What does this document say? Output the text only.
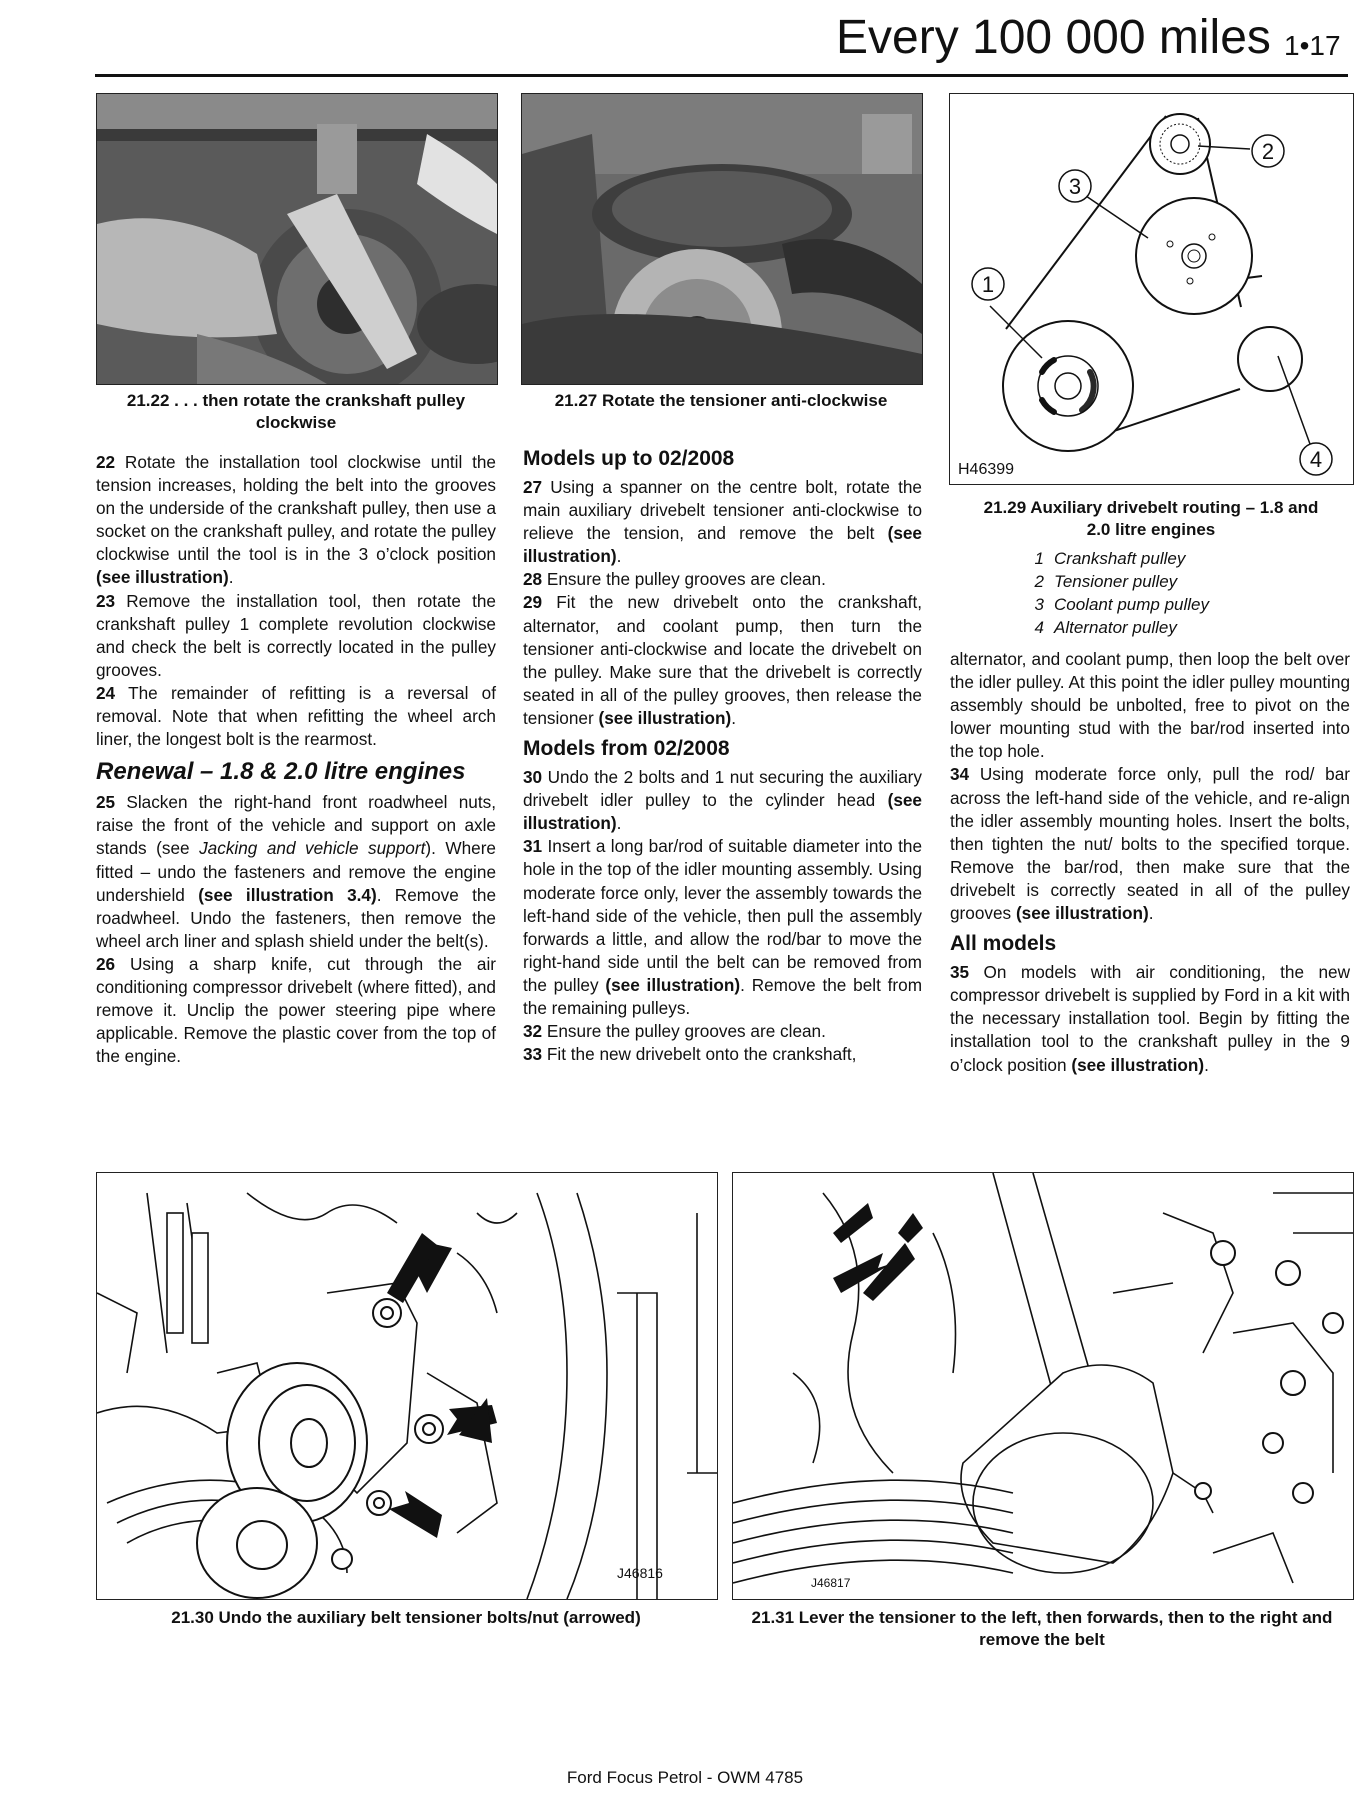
Every 100 000 miles 1•17
21.22 . . . then rotate the crankshaft pulley clockwise
21.27 Rotate the tensioner anti-clockwise
1
2
3
4
H46399
21.29 Auxiliary drivebelt routing – 1.8 and 2.0 litre engines
1 Crankshaft pulley
2 Tensioner pulley
3 Coolant pump pulley
4 Alternator pulley

22 Rotate the installation tool clockwise until the tension increases, holding the belt into the grooves on the underside of the crankshaft pulley, then use a socket on the crankshaft pulley, and rotate the pulley clockwise until the tool is in the 3 o’clock position (see illustration).

23 Remove the installation tool, then rotate the crankshaft pulley 1 complete revolution clockwise and check the belt is correctly located in the pulley grooves.

24 The remainder of refitting is a reversal of removal. Note that when refitting the wheel arch liner, the longest bolt is the rearmost.

Renewal – 1.8 & 2.0 litre engines

25 Slacken the right-hand front roadwheel nuts, raise the front of the vehicle and support on axle stands (see Jacking and vehicle support). Where fitted – undo the fasteners and remove the engine undershield (see illustration 3.4). Remove the roadwheel. Undo the fasteners, then remove the wheel arch liner and splash shield under the belt(s).

26 Using a sharp knife, cut through the air conditioning compressor drivebelt (where fitted), and remove it. Unclip the power steering pipe where applicable. Remove the plastic cover from the top of the engine.

Models up to 02/2008

27 Using a spanner on the centre bolt, rotate the main auxiliary drivebelt tensioner anti-clockwise to relieve the tension, and remove the belt (see illustration).

28 Ensure the pulley grooves are clean.

29 Fit the new drivebelt onto the crankshaft, alternator, and coolant pump, then turn the tensioner anti-clockwise and locate the drivebelt on the pulley. Make sure that the drivebelt is correctly seated in all of the pulley grooves, then release the tensioner (see illustration).

Models from 02/2008

30 Undo the 2 bolts and 1 nut securing the auxiliary drivebelt idler pulley to the cylinder head (see illustration).

31 Insert a long bar/rod of suitable diameter into the hole in the top of the idler mounting assembly. Using moderate force only, lever the assembly towards the left-hand side of the vehicle, then pull the assembly forwards a little, and allow the rod/bar to move the right-hand side until the belt can be removed from the pulley (see illustration). Remove the belt from the remaining pulleys.

32 Ensure the pulley grooves are clean.

33 Fit the new drivebelt onto the crankshaft,

alternator, and coolant pump, then loop the belt over the idler pulley. At this point the idler pulley mounting assembly should be unbolted, free to pivot on the lower mounting stud with the bar/rod inserted into the top hole.

34 Using moderate force only, pull the rod/ bar across the left-hand side of the vehicle, and re-align the idler assembly mounting holes. Insert the bolts, then tighten the nut/ bolts to the specified torque. Remove the bar/rod, then make sure that the drivebelt is correctly seated in all of the pulley grooves (see illustration).

All models

35 On models with air conditioning, the new compressor drivebelt is supplied by Ford in a kit with the necessary installation tool. Begin by fitting the installation tool to the crankshaft pulley in the 9 o’clock position (see illustration).

J46816
21.30 Undo the auxiliary belt tensioner bolts/nut (arrowed)
J46817
21.31 Lever the tensioner to the left, then forwards, then to the right and remove the belt
Ford Focus Petrol - OWM 4785
